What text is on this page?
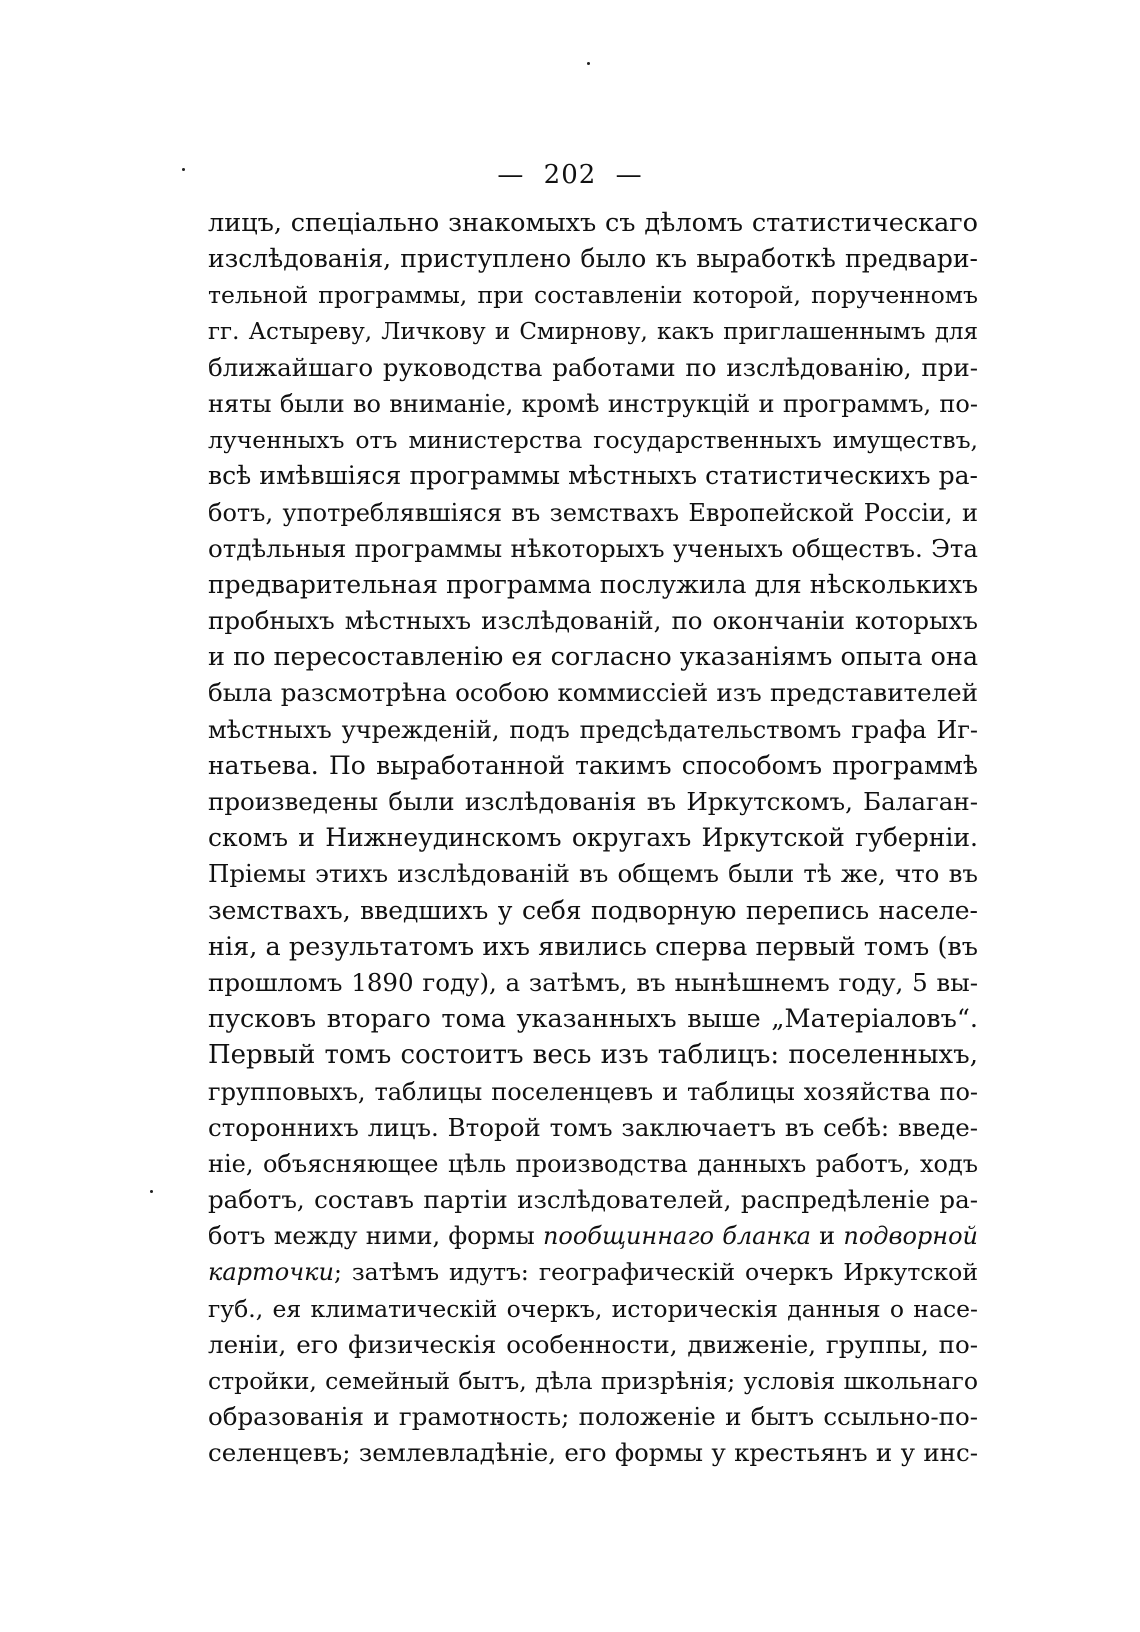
— 202 —
лицъ, спеціально знакомыхъ съ дѣломъ статистическаго
изслѣдованія, приступлено было къ выработкѣ предвари-
тельной программы, при составленіи которой, порученномъ
гг. Астыреву, Личкову и Смирнову, какъ приглашеннымъ для
ближайшаго руководства работами по изслѣдованію, при-
няты были во вниманіе, кромѣ инструкцій и программъ, по-
лученныхъ отъ министерства государственныхъ имуществъ,
всѣ имѣвшіяся программы мѣстныхъ статистическихъ ра-
ботъ, употреблявшіяся въ земствахъ Европейской Россіи, и
отдѣльныя программы нѣкоторыхъ ученыхъ обществъ. Эта
предварительная программа послужила для нѣсколькихъ
пробныхъ мѣстныхъ изслѣдованій, по окончаніи которыхъ
и по пересоставленію ея согласно указаніямъ опыта она
была разсмотрѣна особою коммиссіей изъ представителей
мѣстныхъ учрежденій, подъ предсѣдательствомъ графа Иг-
натьева. По выработанной такимъ способомъ программѣ
произведены были изслѣдованія въ Иркутскомъ, Балаган-
скомъ и Нижнеудинскомъ округахъ Иркутской губерніи.
Пріемы этихъ изслѣдованій въ общемъ были тѣ же, что въ
земствахъ, введшихъ у себя подворную перепись населе-
нія, а результатомъ ихъ явились сперва первый томъ (въ
прошломъ 1890 году), а затѣмъ, въ нынѣшнемъ году, 5 вы-
пусковъ втораго тома указанныхъ выше „Матеріаловъ“.
Первый томъ состоитъ весь изъ таблицъ: поселенныхъ,
групповыхъ, таблицы поселенцевъ и таблицы хозяйства по-
стороннихъ лицъ. Второй томъ заключаетъ въ себѣ: введе-
ніе, объясняющее цѣль производства данныхъ работъ, ходъ
работъ, составъ партіи изслѣдователей, распредѣленіе ра-
ботъ между ними, формы пообщиннаго бланка и подворной
карточки; затѣмъ идутъ: географическій очеркъ Иркутской
губ., ея климатическій очеркъ, историческія данныя о насе-
леніи, его физическія особенности, движеніе, группы, по-
стройки, семейный бытъ, дѣла призрѣнія; условія школьнаго
образованія и грамотность; положеніе и бытъ ссыльно-по-
селенцевъ; землевладѣніе, его формы у крестьянъ и у инс-
